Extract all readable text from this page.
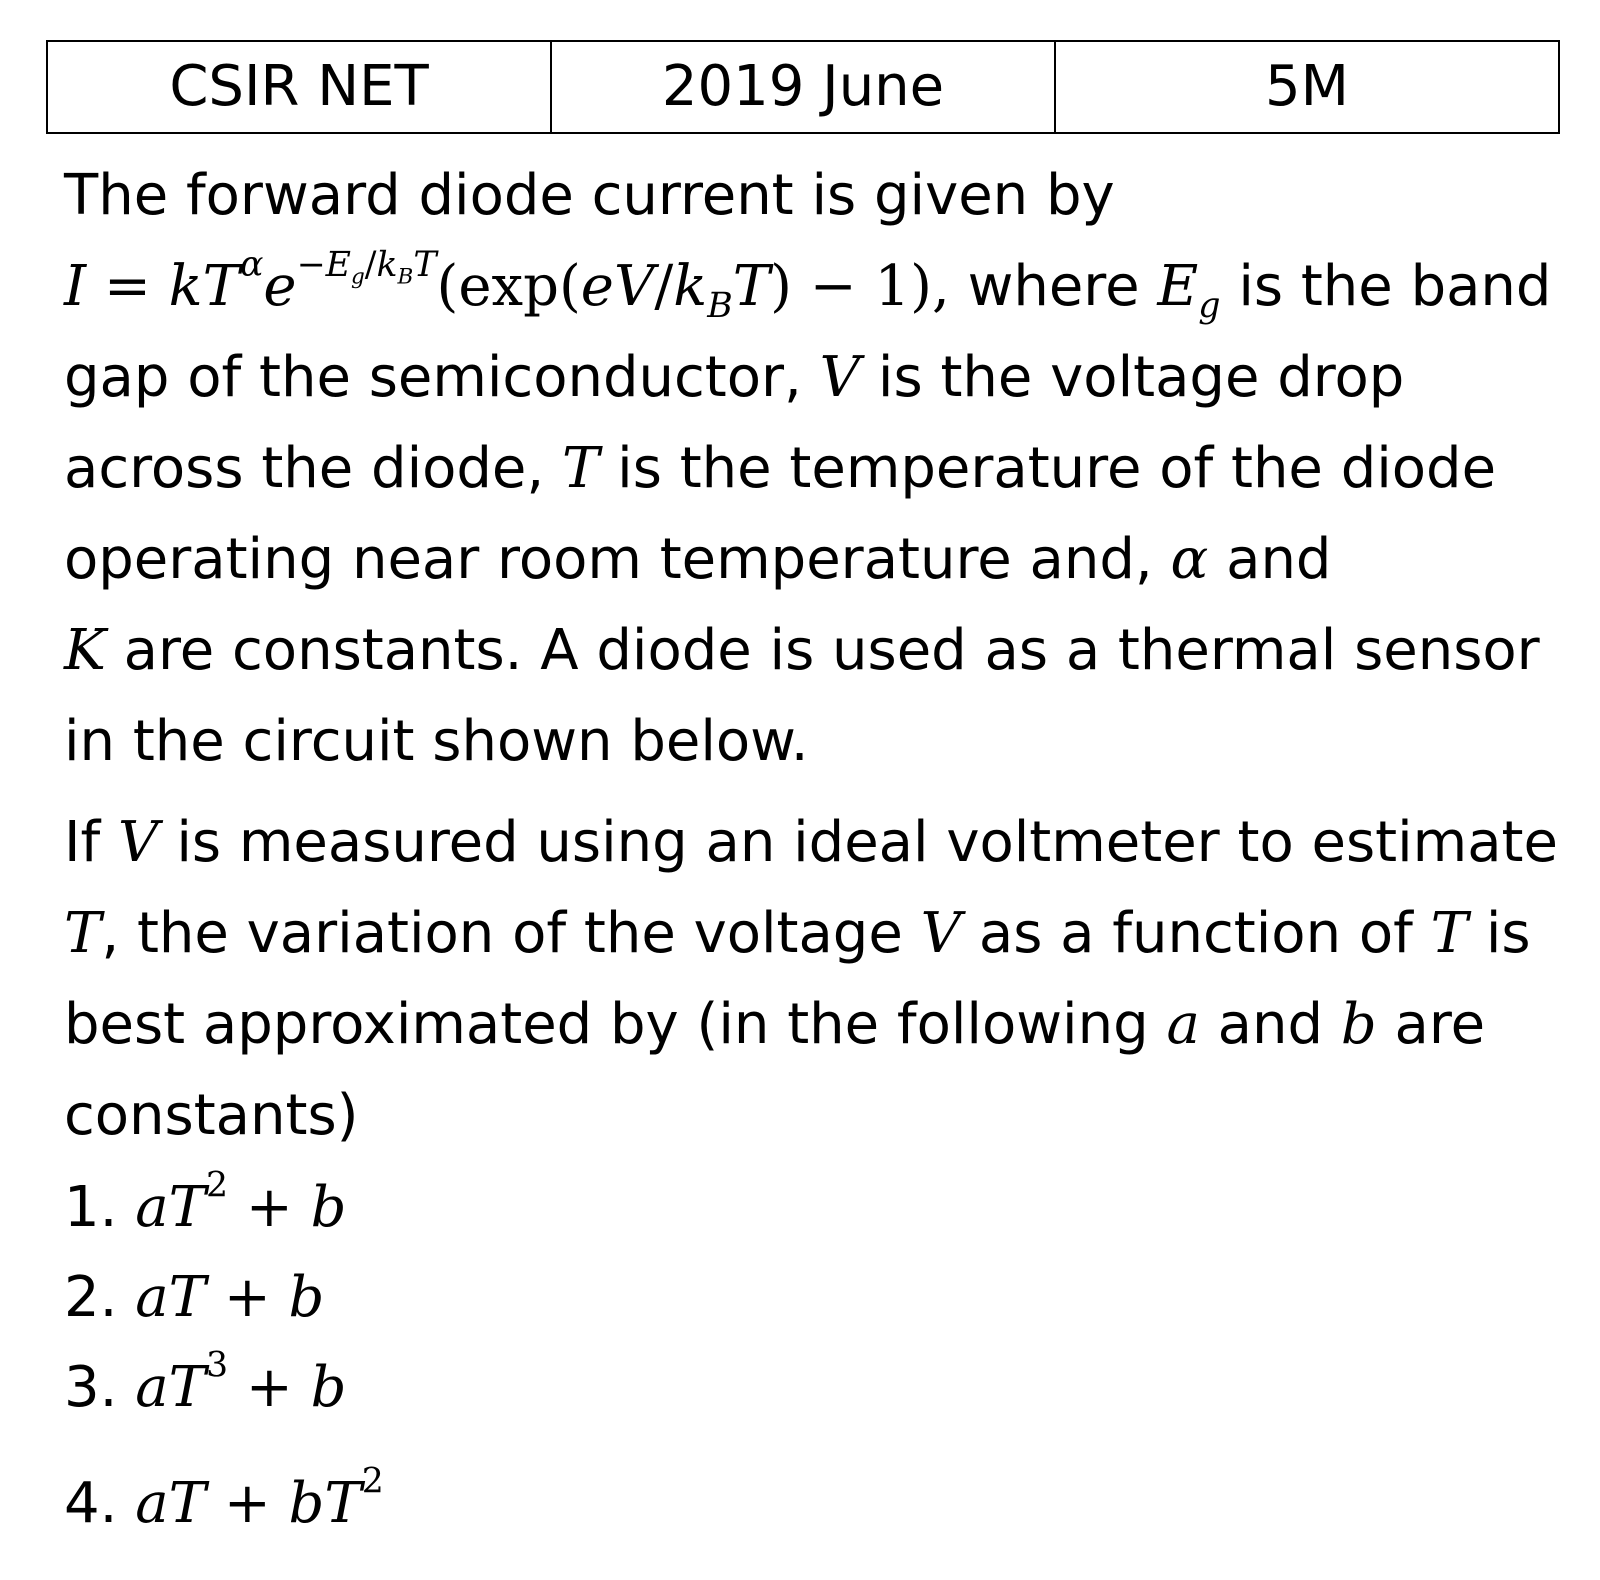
CSIR NET	2019 June	5M

The forward diode current is given by
$I = kT^\alpha e^{-E_g/k_BT}(\exp(eV/k_BT) - 1)$, where $E_g$ is the band gap of the semiconductor, V is the voltage drop across the diode, T is the temperature of the diode operating near room temperature and, α and
K are constants. A diode is used as a thermal sensor in the circuit shown below.

If V is measured using an ideal voltmeter to estimate T, the variation of the voltage V as a function of T is best approximated by (in the following a and b are constants)

1. $aT^2 + b$
2. aT + b
3. $aT^3 + b$
4. aT + $bT^2$
